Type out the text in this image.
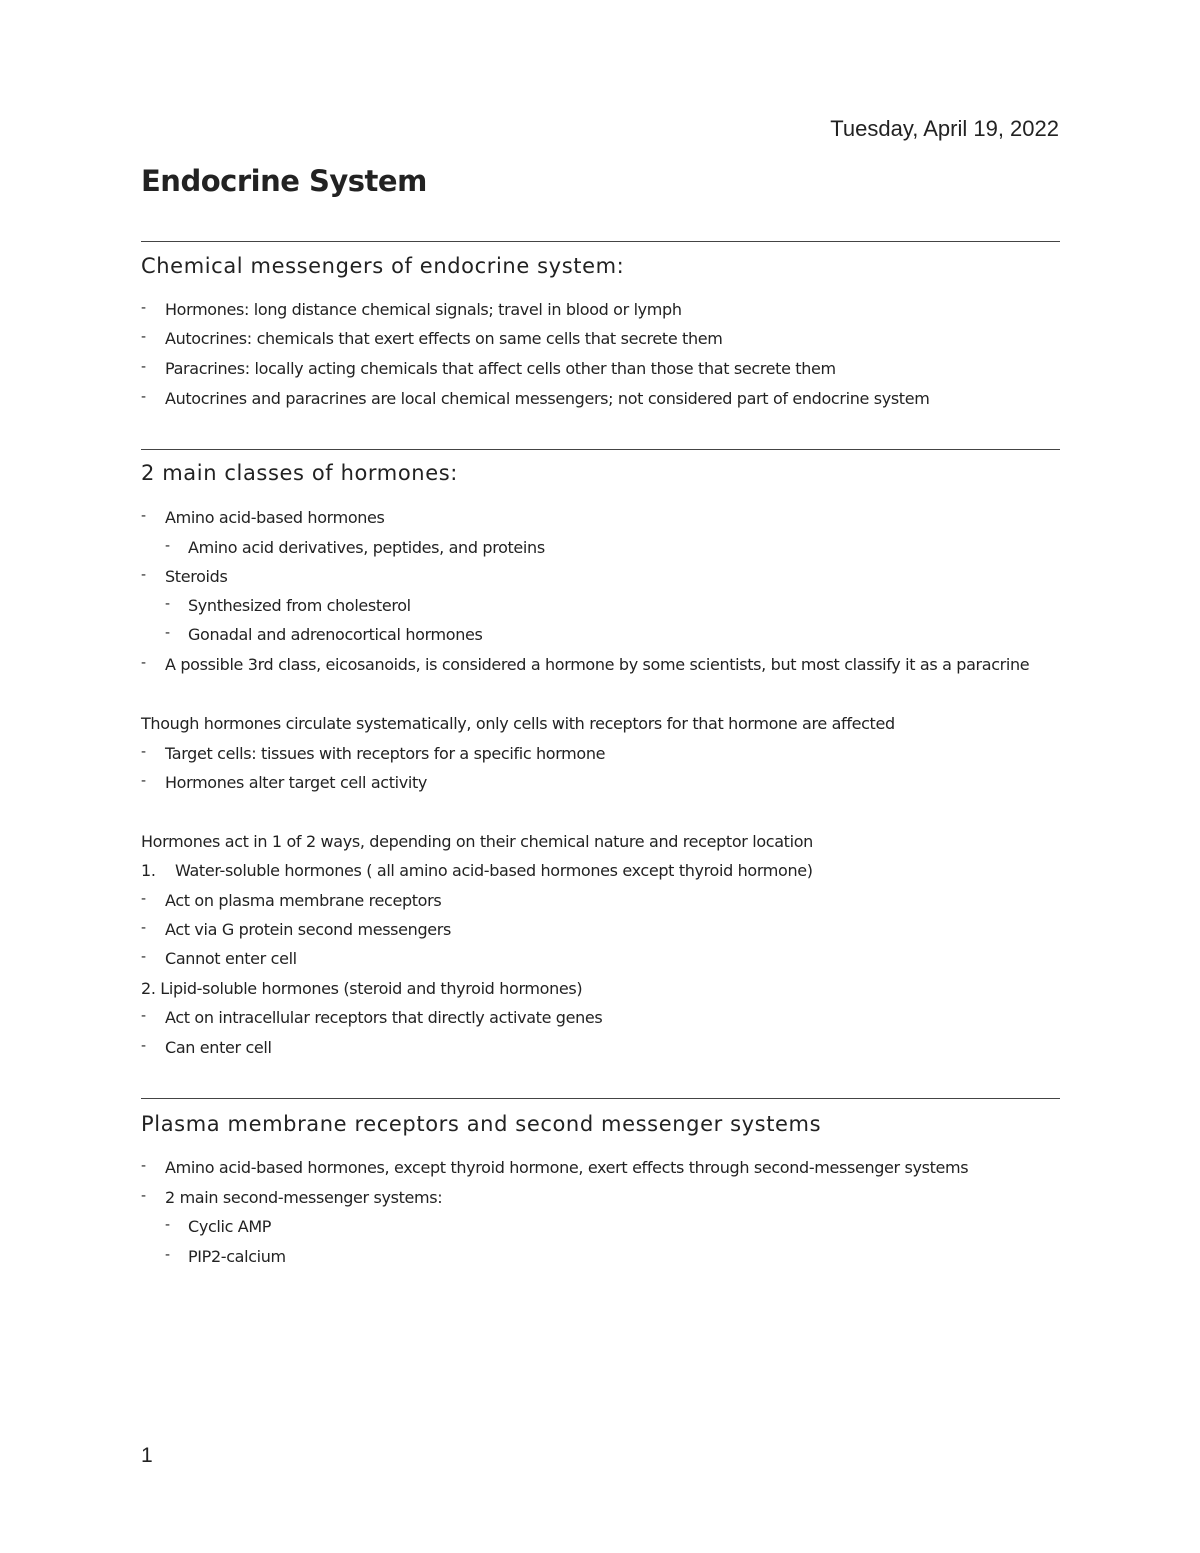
Tuesday, April 19, 2022
Endocrine System
Chemical messengers of endocrine system:
- Hormones: long distance chemical signals; travel in blood or lymph
- Autocrines: chemicals that exert effects on same cells that secrete them
- Paracrines: locally acting chemicals that affect cells other than those that secrete them
- Autocrines and paracrines are local chemical messengers; not considered part of endocrine system
2 main classes of hormones:
- Amino acid-based hormones
- Amino acid derivatives, peptides, and proteins
- Steroids
- Synthesized from cholesterol
- Gonadal and adrenocortical hormones
- A possible 3rd class, eicosanoids, is considered a hormone by some scientists, but most classify it as a paracrine
Though hormones circulate systematically, only cells with receptors for that hormone are affected
- Target cells: tissues with receptors for a specific hormone
- Hormones alter target cell activity
Hormones act in 1 of 2 ways, depending on their chemical nature and receptor location
1. Water-soluble hormones ( all amino acid-based hormones except thyroid hormone)
- Act on plasma membrane receptors
- Act via G protein second messengers
- Cannot enter cell
2. Lipid-soluble hormones (steroid and thyroid hormones)
- Act on intracellular receptors that directly activate genes
- Can enter cell
Plasma membrane receptors and second messenger systems
- Amino acid-based hormones, except thyroid hormone, exert effects through second-messenger systems
- 2 main second-messenger systems:
- Cyclic AMP
- PIP2-calcium
1
